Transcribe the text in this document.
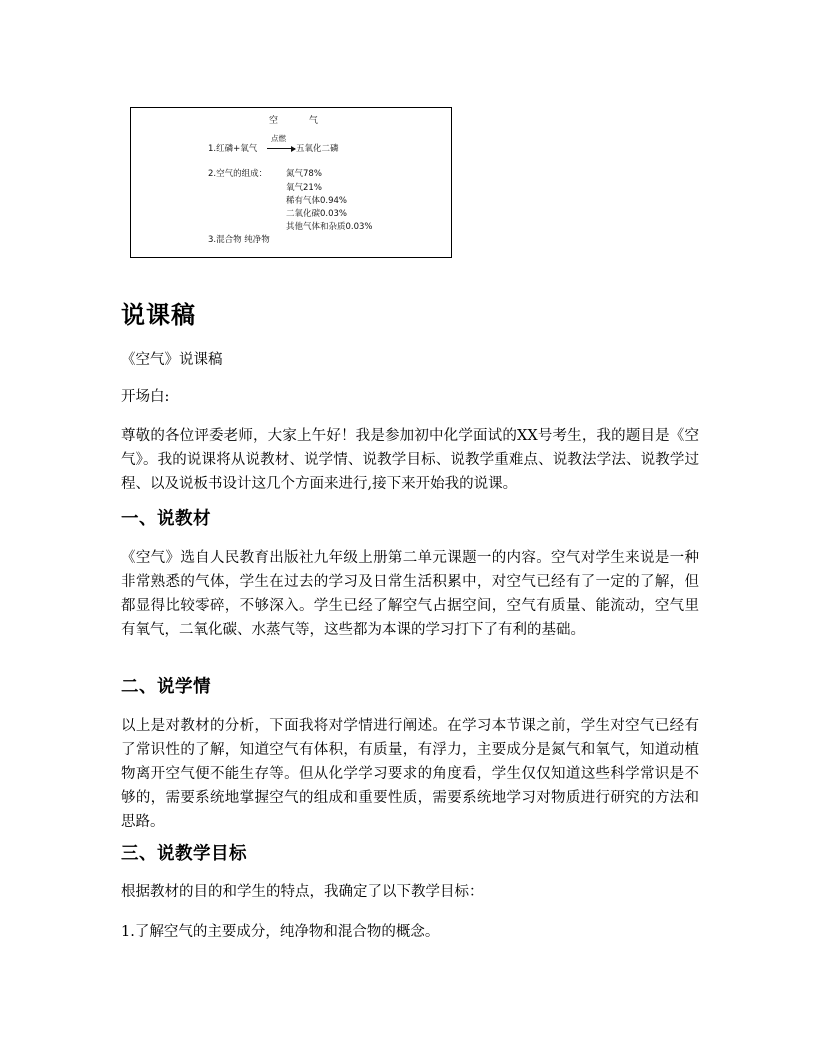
空 气
1.红磷+氧气
点燃
→ 五氧化二磷
2.空气的组成： 氮气78%
氧气21%
稀有气体0.94%
二氧化碳0.03%
其他气体和杂质0.03%
3.混合物 纯净物
说课稿
《空气》说课稿
开场白:
尊敬的各位评委老师，大家上午好！我是参加初中化学面试的XX号考生，我的题目是《空气》。我的说课将从说教材、说学情、说教学目标、说教学重难点、说教法学法、说教学过程、以及说板书设计这几个方面来进行,接下来开始我的说课。
一、说教材
《空气》选自人民教育出版社九年级上册第二单元课题一的内容。空气对学生来说是一种非常熟悉的气体，学生在过去的学习及日常生活积累中，对空气已经有了一定的了解，但都显得比较零碎，不够深入。学生已经了解空气占据空间，空气有质量、能流动，空气里有氧气，二氧化碳、水蒸气等，这些都为本课的学习打下了有利的基础。
二、说学情
以上是对教材的分析，下面我将对学情进行阐述。在学习本节课之前，学生对空气已经有了常识性的了解，知道空气有体积，有质量，有浮力，主要成分是氮气和氧气，知道动植物离开空气便不能生存等。但从化学学习要求的角度看，学生仅仅知道这些科学常识是不够的，需要系统地掌握空气的组成和重要性质，需要系统地学习对物质进行研究的方法和思路。
三、说教学目标
根据教材的目的和学生的特点，我确定了以下教学目标：
1.了解空气的主要成分，纯净物和混合物的概念。
